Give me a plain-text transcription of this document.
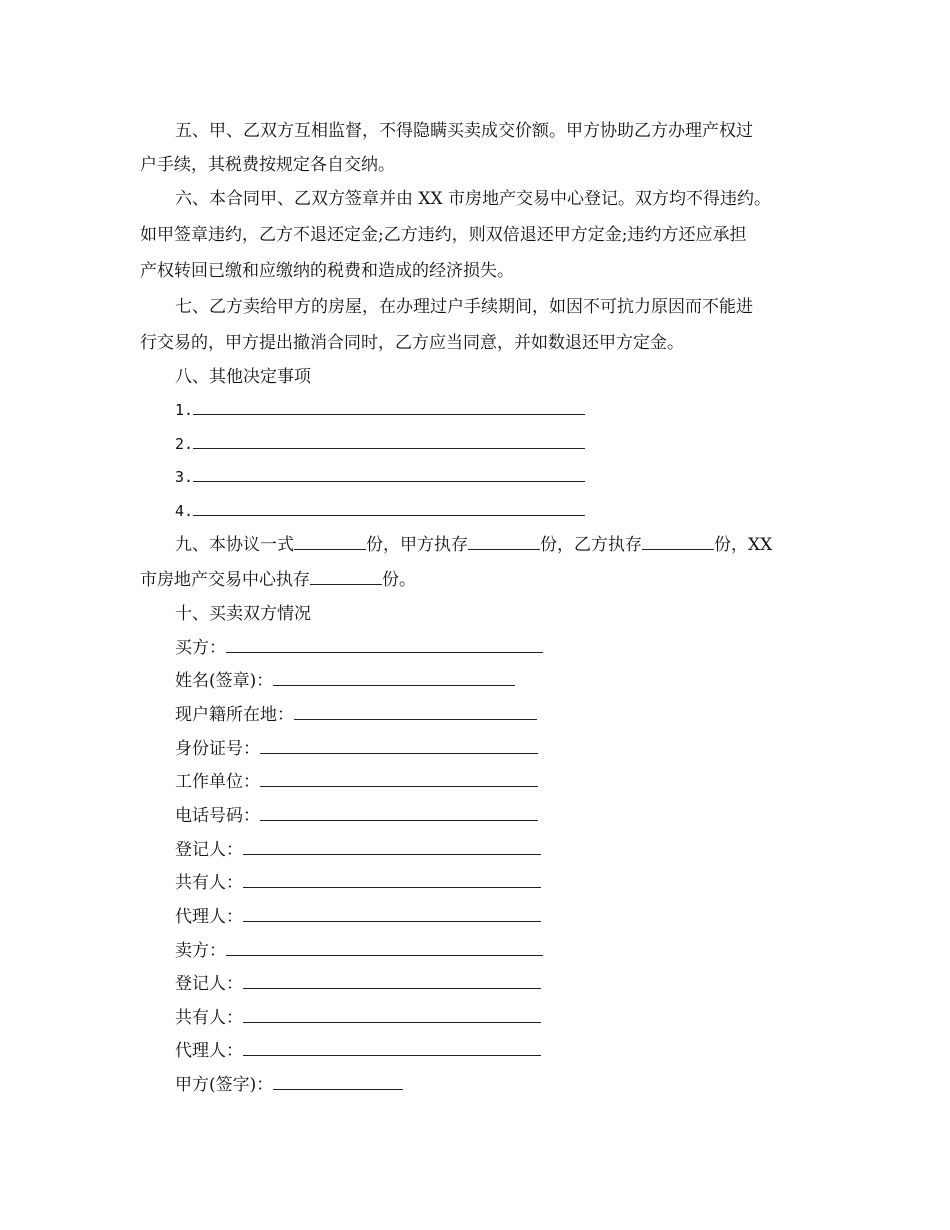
五、甲、乙双方互相监督，不得隐瞒买卖成交价额。甲方协助乙方办理产权过
户手续，其税费按规定各自交纳。
六、本合同甲、乙双方签章并由 XX 市房地产交易中心登记。双方均不得违约。
如甲签章违约，乙方不退还定金;乙方违约，则双倍退还甲方定金;违约方还应承担
产权转回已缴和应缴纳的税费和造成的经济损失。
七、乙方卖给甲方的房屋，在办理过户手续期间，如因不可抗力原因而不能进
行交易的，甲方提出撤消合同时，乙方应当同意，并如数退还甲方定金。
八、其他决定事项
1.
2.
3.
4.
九、本协议一式	份，甲方执存	份，乙方执存	份，XX
市房地产交易中心执存	份。
十、买卖双方情况
买方：
姓名(签章)：
现户籍所在地：
身份证号：
工作单位：
电话号码：
登记人：
共有人：
代理人：
卖方：
登记人：
共有人：
代理人：
甲方(签字)：
